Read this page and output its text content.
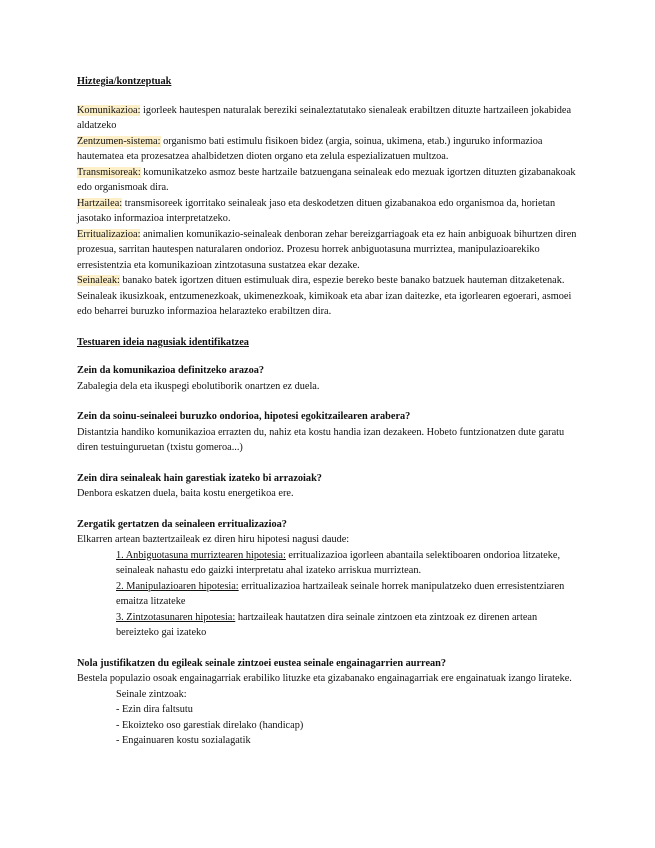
Hiztegia/kontzeptuak

Komunikazioa: igorleek hautespen naturalak bereziki seinaleztatutako sienaleak erabiltzen dituzte hartzaileen jokabidea aldatzeko

Zentzumen-sistema: organismo bati estimulu fisikoen bidez (argia, soinua, ukimena, etab.) inguruko informazioa hautematea eta prozesatzea ahalbidetzen dioten organo eta zelula espezializatuen multzoa.

Transmisoreak: komunikatzeko asmoz beste hartzaile batzuengana seinaleak edo mezuak igortzen dituzten gizabanakoak edo organismoak dira.

Hartzailea: transmisoreek igorritako seinaleak jaso eta deskodetzen dituen gizabanakoa edo organismoa da, horietan jasotako informazioa interpretatzeko.

Erritualizazioa: animalien komunikazio-seinaleak denboran zehar bereizgarriagoak eta ez hain anbiguoak bihurtzen diren prozesua, sarritan hautespen naturalaren ondorioz. Prozesu horrek anbiguotasuna murriztea, manipulazioarekiko erresistentzia eta komunikazioan zintzotasuna sustatzea ekar dezake.

Seinaleak: banako batek igortzen dituen estimuluak dira, espezie bereko beste banako batzuek hauteman ditzaketenak. Seinaleak ikusizkoak, entzumenezkoak, ukimenezkoak, kimikoak eta abar izan daitezke, eta igorlearen egoerari, asmoei edo beharrei buruzko informazioa helarazteko erabiltzen dira.

Testuaren ideia nagusiak identifikatzea

Zein da komunikazioa definitzeko arazoa?

Zabalegia dela eta ikuspegi ebolutiborik onartzen ez duela.

Zein da soinu-seinaleei buruzko ondorioa, hipotesi egokitzailearen arabera?

Distantzia handiko komunikazioa errazten du, nahiz eta kostu handia izan dezakeen. Hobeto funtzionatzen dute garatu diren testuinguruetan (txistu gomeroa...)

Zein dira seinaleak hain garestiak izateko bi arrazoiak?

Denbora eskatzen duela, baita kostu energetikoa ere.

Zergatik gertatzen da seinaleen erritualizazioa?

Elkarren artean baztertzaileak ez diren hiru hipotesi nagusi daude:

1. Anbiguotasuna murriztearen hipotesia: erritualizazioa igorleen abantaila selektiboaren ondorioa litzateke, seinaleak nahastu edo gaizki interpretatu ahal izateko arriskua murriztean.

2. Manipulazioaren hipotesia: erritualizazioa hartzaileak seinale horrek manipulatzeko duen erresistentziaren emaitza litzateke

3. Zintzotasunaren hipotesia: hartzaileak hautatzen dira seinale zintzoen eta zintzoak ez direnen artean bereizteko gai izateko

Nola justifikatzen du egileak seinale zintzoei eustea seinale engainagarrien aurrean?

Bestela populazio osoak engainagarriak erabiliko lituzke eta gizabanako engainagarriak ere engainatuak izango lirateke.

Seinale zintzoak:

- Ezin dira faltsutu

- Ekoizteko oso garestiak direlako (handicap)

- Engainuaren kostu sozialagatik
